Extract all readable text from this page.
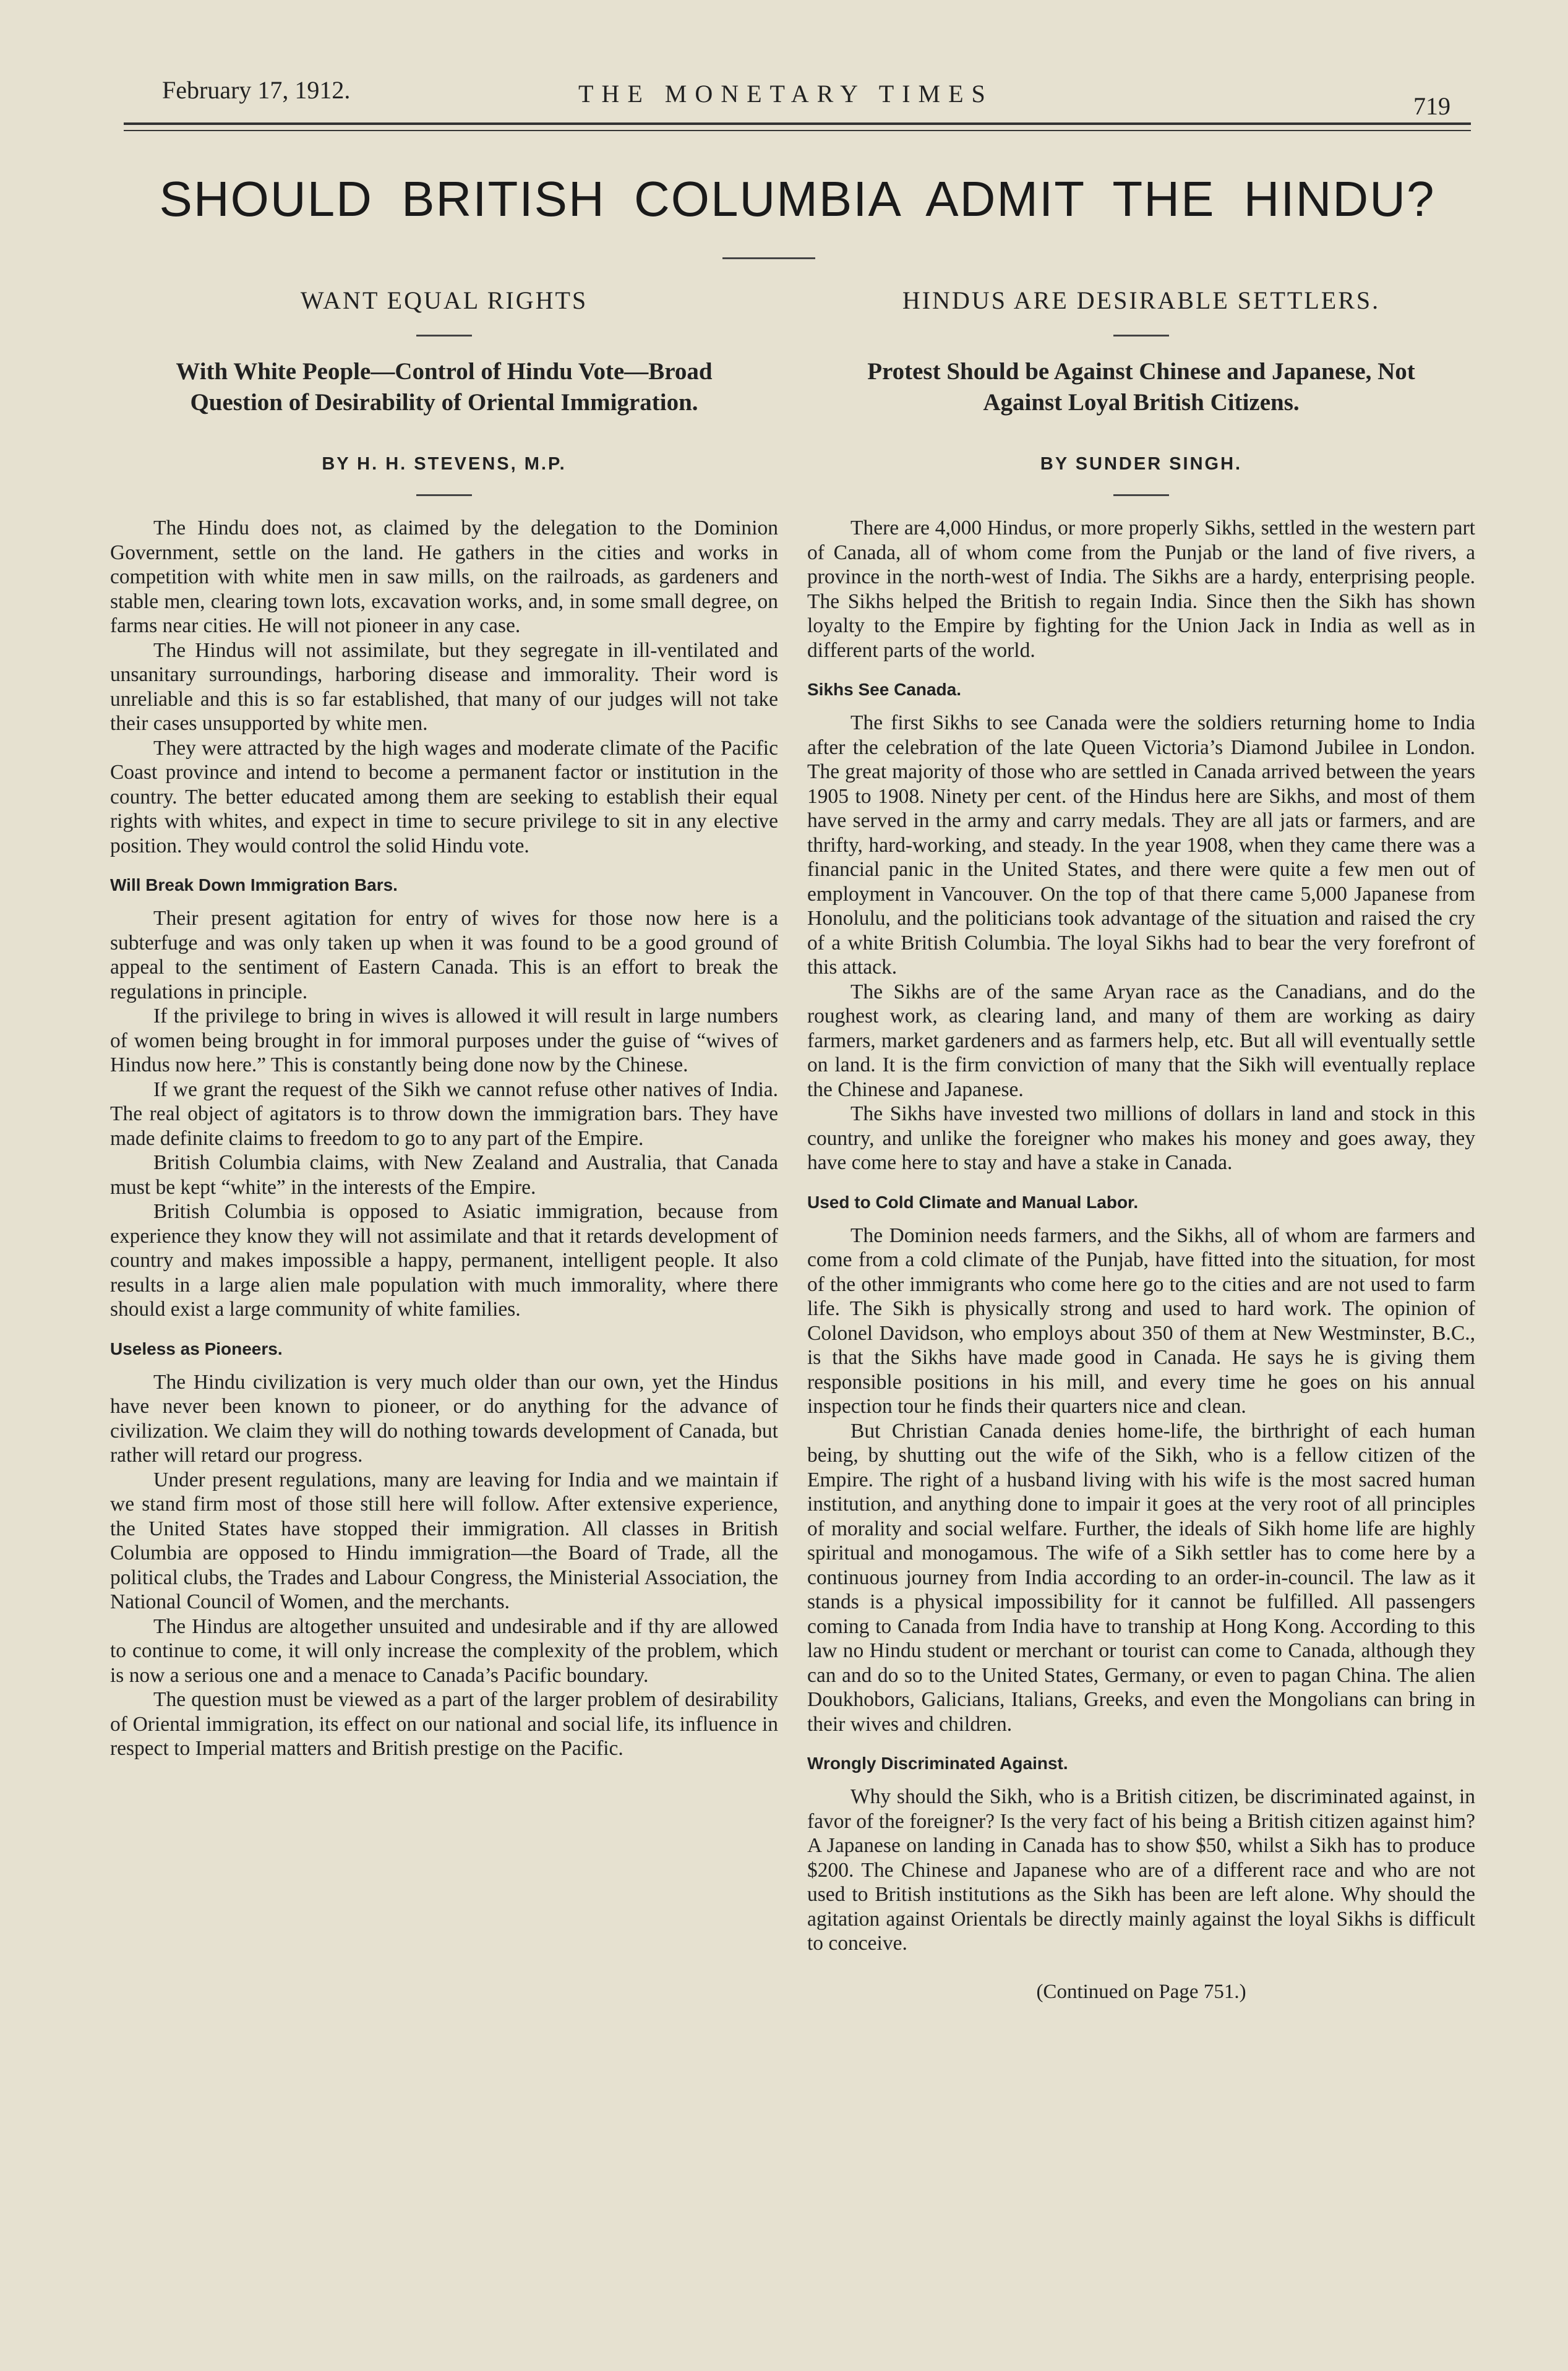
February 17, 1912.	THE MONETARY TIMES	719
SHOULD BRITISH COLUMBIA ADMIT THE HINDU?
WANT EQUAL RIGHTS
With White People—Control of Hindu Vote—Broad Question of Desirability of Oriental Immigration.
BY H. H. STEVENS, M.P.

The Hindu does not, as claimed by the delegation to the Dominion Government, settle on the land. He gathers in the cities and works in competition with white men in saw mills, on the railroads, as gardeners and stable men, clearing town lots, excavation works, and, in some small degree, on farms near cities. He will not pioneer in any case.

The Hindus will not assimilate, but they segregate in ill-ventilated and unsanitary surroundings, harboring disease and immorality. Their word is unreliable and this is so far established, that many of our judges will not take their cases unsupported by white men.

They were attracted by the high wages and moderate climate of the Pacific Coast province and intend to become a permanent factor or institution in the country. The better educated among them are seeking to establish their equal rights with whites, and expect in time to secure privilege to sit in any elective position. They would control the solid Hindu vote.

Will Break Down Immigration Bars.

Their present agitation for entry of wives for those now here is a subterfuge and was only taken up when it was found to be a good ground of appeal to the sentiment of Eastern Canada. This is an effort to break the regulations in principle.

If the privilege to bring in wives is allowed it will result in large numbers of women being brought in for immoral purposes under the guise of “wives of Hindus now here.” This is constantly being done now by the Chinese.

If we grant the request of the Sikh we cannot refuse other natives of India. The real object of agitators is to throw down the immigration bars. They have made definite claims to freedom to go to any part of the Empire.

British Columbia claims, with New Zealand and Australia, that Canada must be kept “white” in the interests of the Empire.

British Columbia is opposed to Asiatic immigration, because from experience they know they will not assimilate and that it retards development of country and makes impossible a happy, permanent, intelligent people. It also results in a large alien male population with much immorality, where there should exist a large community of white families.

Useless as Pioneers.

The Hindu civilization is very much older than our own, yet the Hindus have never been known to pioneer, or do anything for the advance of civilization. We claim they will do nothing towards development of Canada, but rather will retard our progress.

Under present regulations, many are leaving for India and we maintain if we stand firm most of those still here will follow. After extensive experience, the United States have stopped their immigration. All classes in British Columbia are opposed to Hindu immigration—the Board of Trade, all the political clubs, the Trades and Labour Congress, the Ministerial Association, the National Council of Women, and the merchants.

The Hindus are altogether unsuited and undesirable and if thy are allowed to continue to come, it will only increase the complexity of the problem, which is now a serious one and a menace to Canada’s Pacific boundary.

The question must be viewed as a part of the larger problem of desirability of Oriental immigration, its effect on our national and social life, its influence in respect to Imperial matters and British prestige on the Pacific.

HINDUS ARE DESIRABLE SETTLERS.
Protest Should be Against Chinese and Japanese, Not Against Loyal British Citizens.
BY SUNDER SINGH.

There are 4,000 Hindus, or more properly Sikhs, settled in the western part of Canada, all of whom come from the Punjab or the land of five rivers, a province in the north-west of India. The Sikhs are a hardy, enterprising people. The Sikhs helped the British to regain India. Since then the Sikh has shown loyalty to the Empire by fighting for the Union Jack in India as well as in different parts of the world.

Sikhs See Canada.

The first Sikhs to see Canada were the soldiers returning home to India after the celebration of the late Queen Victoria’s Diamond Jubilee in London. The great majority of those who are settled in Canada arrived between the years 1905 to 1908. Ninety per cent. of the Hindus here are Sikhs, and most of them have served in the army and carry medals. They are all jats or farmers, and are thrifty, hard-working, and steady. In the year 1908, when they came there was a financial panic in the United States, and there were quite a few men out of employment in Vancouver. On the top of that there came 5,000 Japanese from Honolulu, and the politicians took advantage of the situation and raised the cry of a white British Columbia. The loyal Sikhs had to bear the very forefront of this attack.

The Sikhs are of the same Aryan race as the Canadians, and do the roughest work, as clearing land, and many of them are working as dairy farmers, market gardeners and as farmers help, etc. But all will eventually settle on land. It is the firm conviction of many that the Sikh will eventually replace the Chinese and Japanese.

The Sikhs have invested two millions of dollars in land and stock in this country, and unlike the foreigner who makes his money and goes away, they have come here to stay and have a stake in Canada.

Used to Cold Climate and Manual Labor.

The Dominion needs farmers, and the Sikhs, all of whom are farmers and come from a cold climate of the Punjab, have fitted into the situation, for most of the other immigrants who come here go to the cities and are not used to farm life. The Sikh is physically strong and used to hard work. The opinion of Colonel Davidson, who employs about 350 of them at New Westminster, B.C., is that the Sikhs have made good in Canada. He says he is giving them responsible positions in his mill, and every time he goes on his annual inspection tour he finds their quarters nice and clean.

But Christian Canada denies home-life, the birthright of each human being, by shutting out the wife of the Sikh, who is a fellow citizen of the Empire. The right of a husband living with his wife is the most sacred human institution, and anything done to impair it goes at the very root of all principles of morality and social welfare. Further, the ideals of Sikh home life are highly spiritual and monogamous. The wife of a Sikh settler has to come here by a continuous journey from India according to an order-in-council. The law as it stands is a physical impossibility for it cannot be fulfilled. All passengers coming to Canada from India have to tranship at Hong Kong. According to this law no Hindu student or merchant or tourist can come to Canada, although they can and do so to the United States, Germany, or even to pagan China. The alien Doukhobors, Galicians, Italians, Greeks, and even the Mongolians can bring in their wives and children.

Wrongly Discriminated Against.

Why should the Sikh, who is a British citizen, be discriminated against, in favor of the foreigner? Is the very fact of his being a British citizen against him? A Japanese on landing in Canada has to show $50, whilst a Sikh has to produce $200. The Chinese and Japanese who are of a different race and who are not used to British institutions as the Sikh has been are left alone. Why should the agitation against Orientals be directly mainly against the loyal Sikhs is difficult to conceive.

(Continued on Page 751.)
